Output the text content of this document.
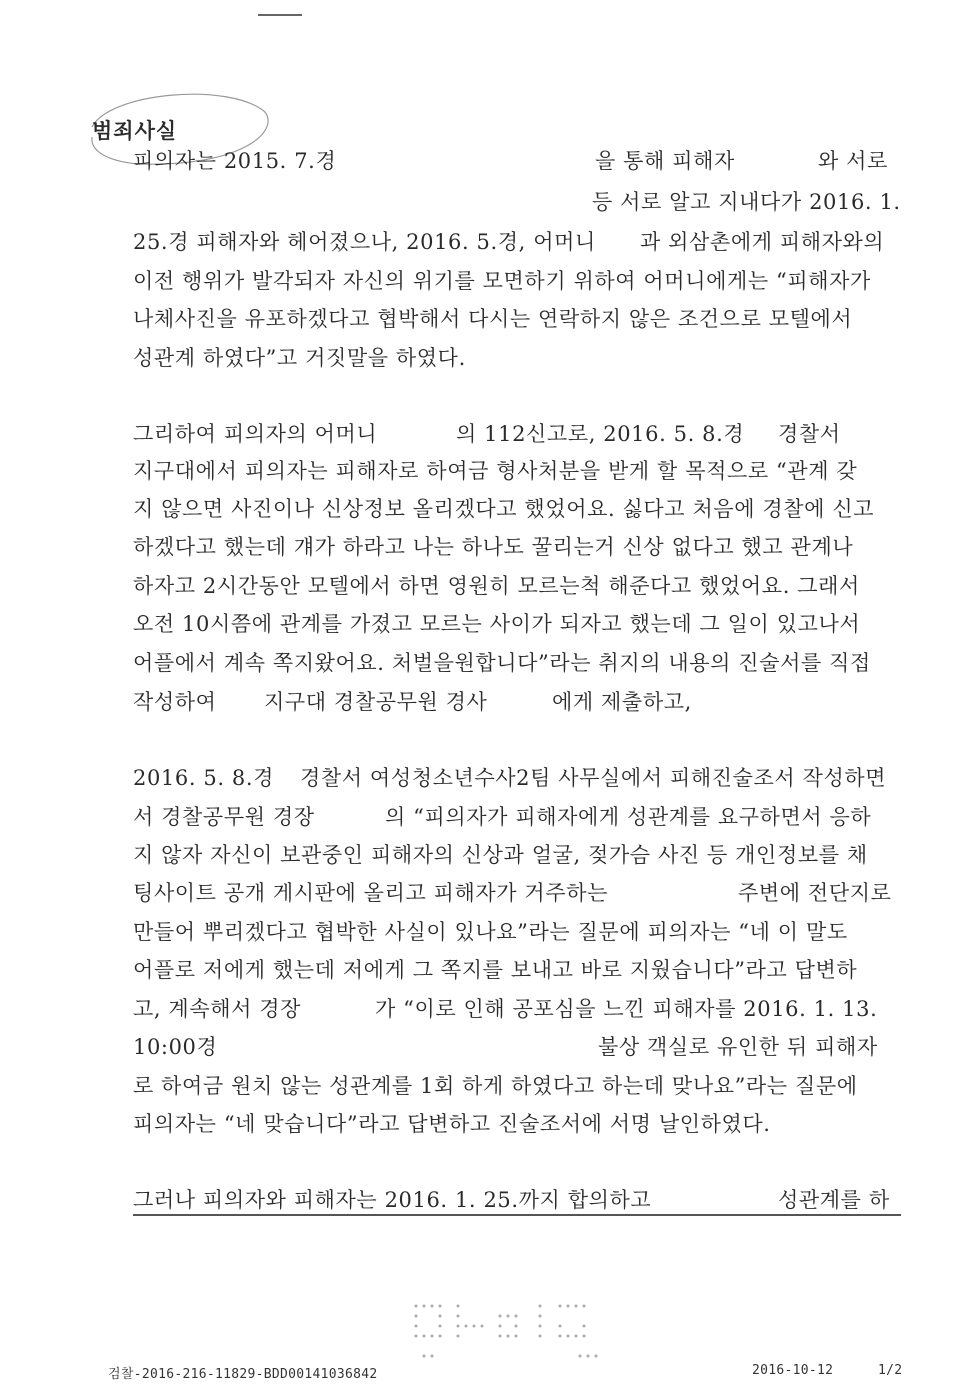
범죄사실
피의자는 2015. 7.경	을 통해 피해자	와 서로
등 서로 알고 지내다가 2016. 1.
25.경 피해자와 헤어졌으나, 2016. 5.경, 어머니 과 외삼촌에게 피해자와의
이전 행위가 발각되자 자신의 위기를 모면하기 위하여 어머니에게는 “피해자가
나체사진을 유포하겠다고 협박해서 다시는 연락하지 않은 조건으로 모텔에서
성관계 하였다”고 거짓말을 하였다.
그리하여 피의자의 어머니	의 112신고로, 2016. 5. 8.경 경찰서
지구대에서 피의자는 피해자로 하여금 형사처분을 받게 할 목적으로 “관계 갖
지 않으면 사진이나 신상정보 올리겠다고 했었어요. 싫다고 처음에 경찰에 신고
하겠다고 했는데 걔가 하라고 나는 하나도 꿀리는거 신상 없다고 했고 관계나
하자고 2시간동안 모텔에서 하면 영원히 모르는척 해준다고 했었어요. 그래서
오전 10시쯤에 관계를 가졌고 모르는 사이가 되자고 했는데 그 일이 있고나서
어플에서 계속 쪽지왔어요. 처벌을원합니다”라는 취지의 내용의 진술서를 직접
작성하여 지구대 경찰공무원 경사	에게 제출하고,
2016. 5. 8.경 경찰서 여성청소년수사2팀 사무실에서 피해진술조서 작성하면
서 경찰공무원 경장	의 “피의자가 피해자에게 성관계를 요구하면서 응하
지 않자 자신이 보관중인 피해자의 신상과 얼굴, 젖가슴 사진 등 개인정보를 채
팅사이트 공개 게시판에 올리고 피해자가 거주하는	주변에 전단지로
만들어 뿌리겠다고 협박한 사실이 있나요”라는 질문에 피의자는 “네 이 말도
어플로 저에게 했는데 저에게 그 쪽지를 보내고 바로 지웠습니다”라고 답변하
고, 계속해서 경장	가 “이로 인해 공포심을 느낀 피해자를 2016. 1. 13.
10:00경	불상 객실로 유인한 뒤 피해자
로 하여금 원치 않는 성관계를 1회 하게 하였다고 하는데 맞나요”라는 질문에
피의자는 “네 맞습니다”라고 답변하고 진술조서에 서명 날인하였다.
그러나 피의자와 피해자는 2016. 1. 25.까지 합의하고	성관계를 하
검찰-2016-216-11829-BDD00141036842	2016-10-12	1/2
